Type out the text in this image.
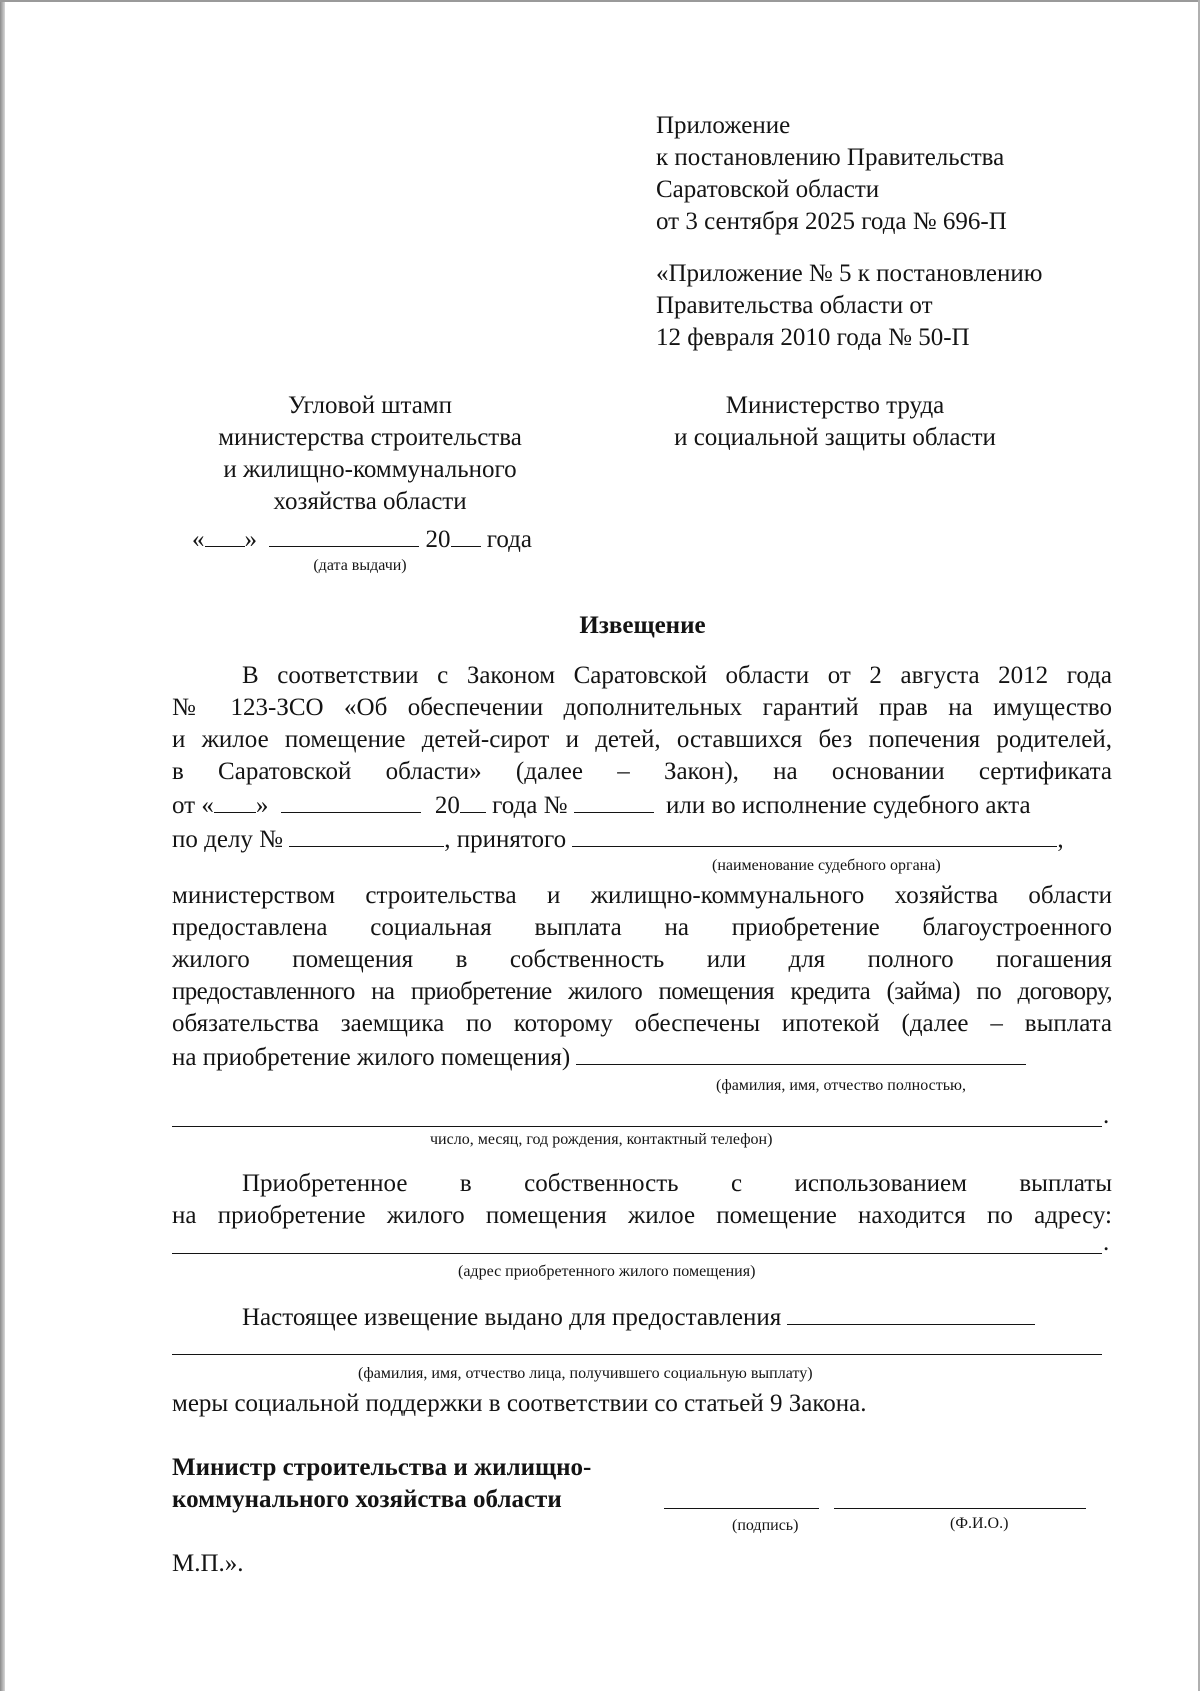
Приложение
к постановлению Правительства
Саратовской области
от 3 сентября 2025 года № 696-П
«Приложение № 5 к постановлению
Правительства области от
12 февраля 2010 года № 50-П
Угловой штамп
министерства строительства
и жилищно-коммунального
хозяйства области
« »	20 года
(дата выдачи)
Министерство труда
и социальной защиты области
Извещение
В соответствии с Законом Саратовской области от 2 августа 2012 года
№ 123-ЗСО «Об обеспечении дополнительных гарантий прав на имущество
и жилое помещение детей-сирот и детей, оставшихся без попечения родителей,
в Саратовской области» (далее – Закон), на основании сертификата
от « »	20 года №	или во исполнение судебного акта
по делу №	, принятого	,
(наименование судебного органа)
министерством строительства и жилищно-коммунального хозяйства области
предоставлена социальная выплата на приобретение благоустроенного
жилого помещения в собственность или для полного погашения
предоставленного на приобретение жилого помещения кредита (займа) по договору,
обязательства заемщика по которому обеспечены ипотекой (далее – выплата
на приобретение жилого помещения)
(фамилия, имя, отчество полностью,
.
число, месяц, год рождения, контактный телефон)
Приобретенное в собственность с использованием выплаты
на приобретение жилого помещения жилое помещение находится по адресу:
.
(адрес приобретенного жилого помещения)
Настоящее извещение выдано для предоставления
(фамилия, имя, отчество лица, получившего социальную выплату)
меры социальной поддержки в соответствии со статьей 9 Закона.
Министр строительства и жилищно-
коммунального хозяйства области
(подпись)	(Ф.И.О.)
М.П.».
